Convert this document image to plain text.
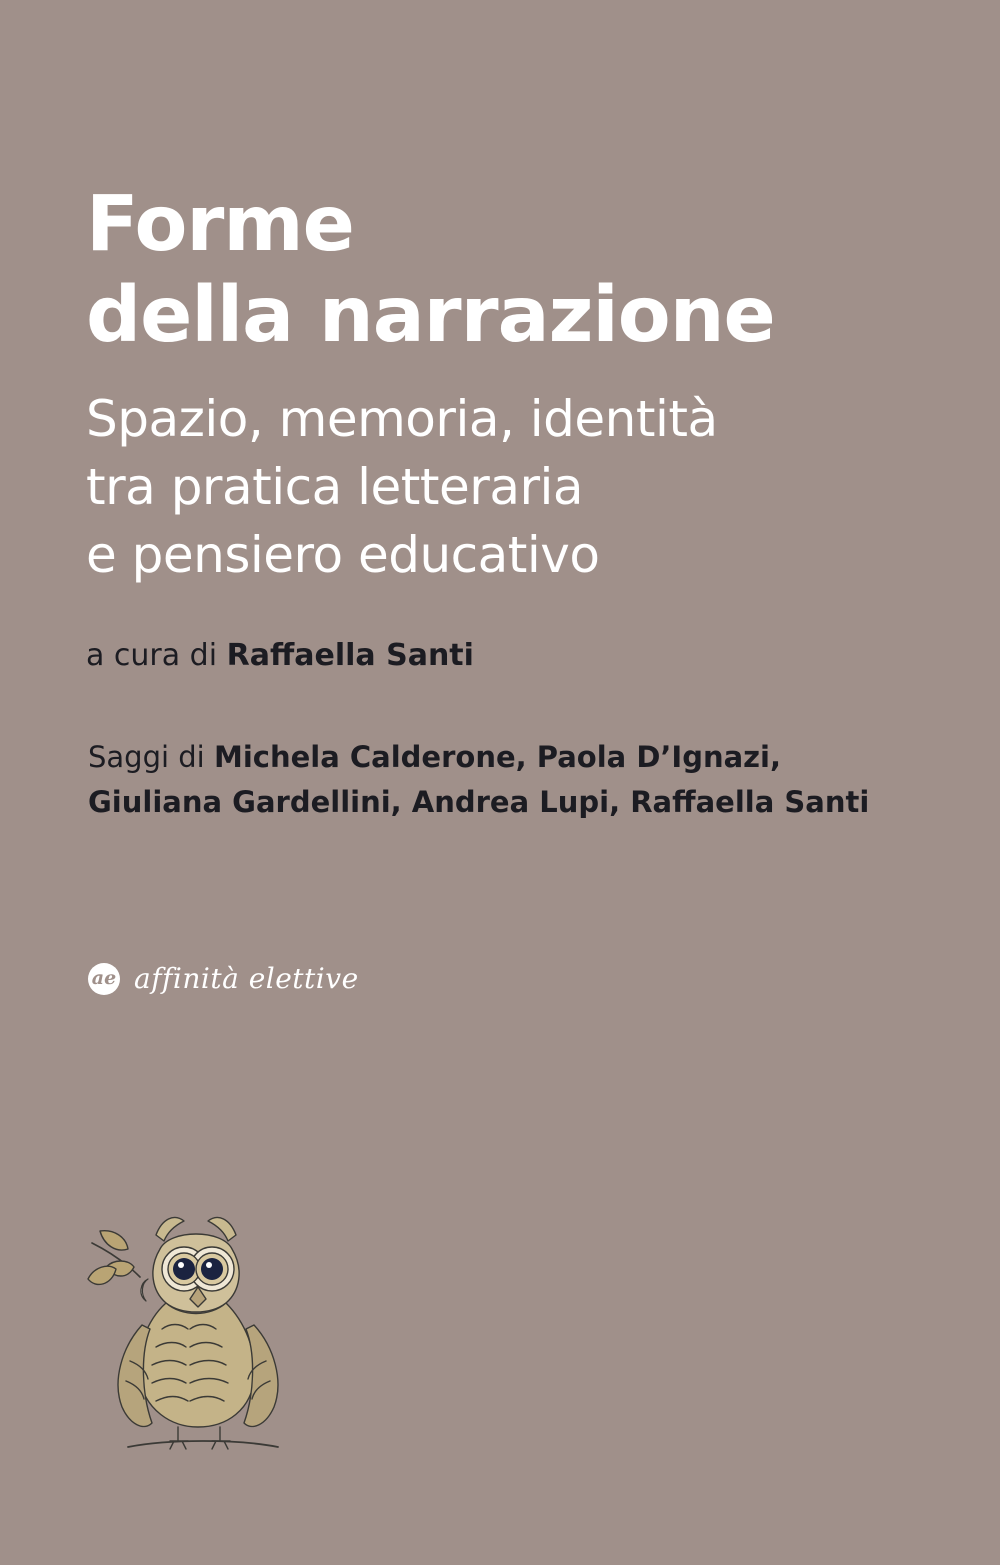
Forme
della narrazione
Spazio, memoria, identità
tra pratica letteraria
e pensiero educativo
a cura di Raffaella Santi
Saggi di Michela Calderone, Paola D’Ignazi, Giuliana Gardellini, Andrea Lupi, Raffaella Santi
ae affinità elettive
